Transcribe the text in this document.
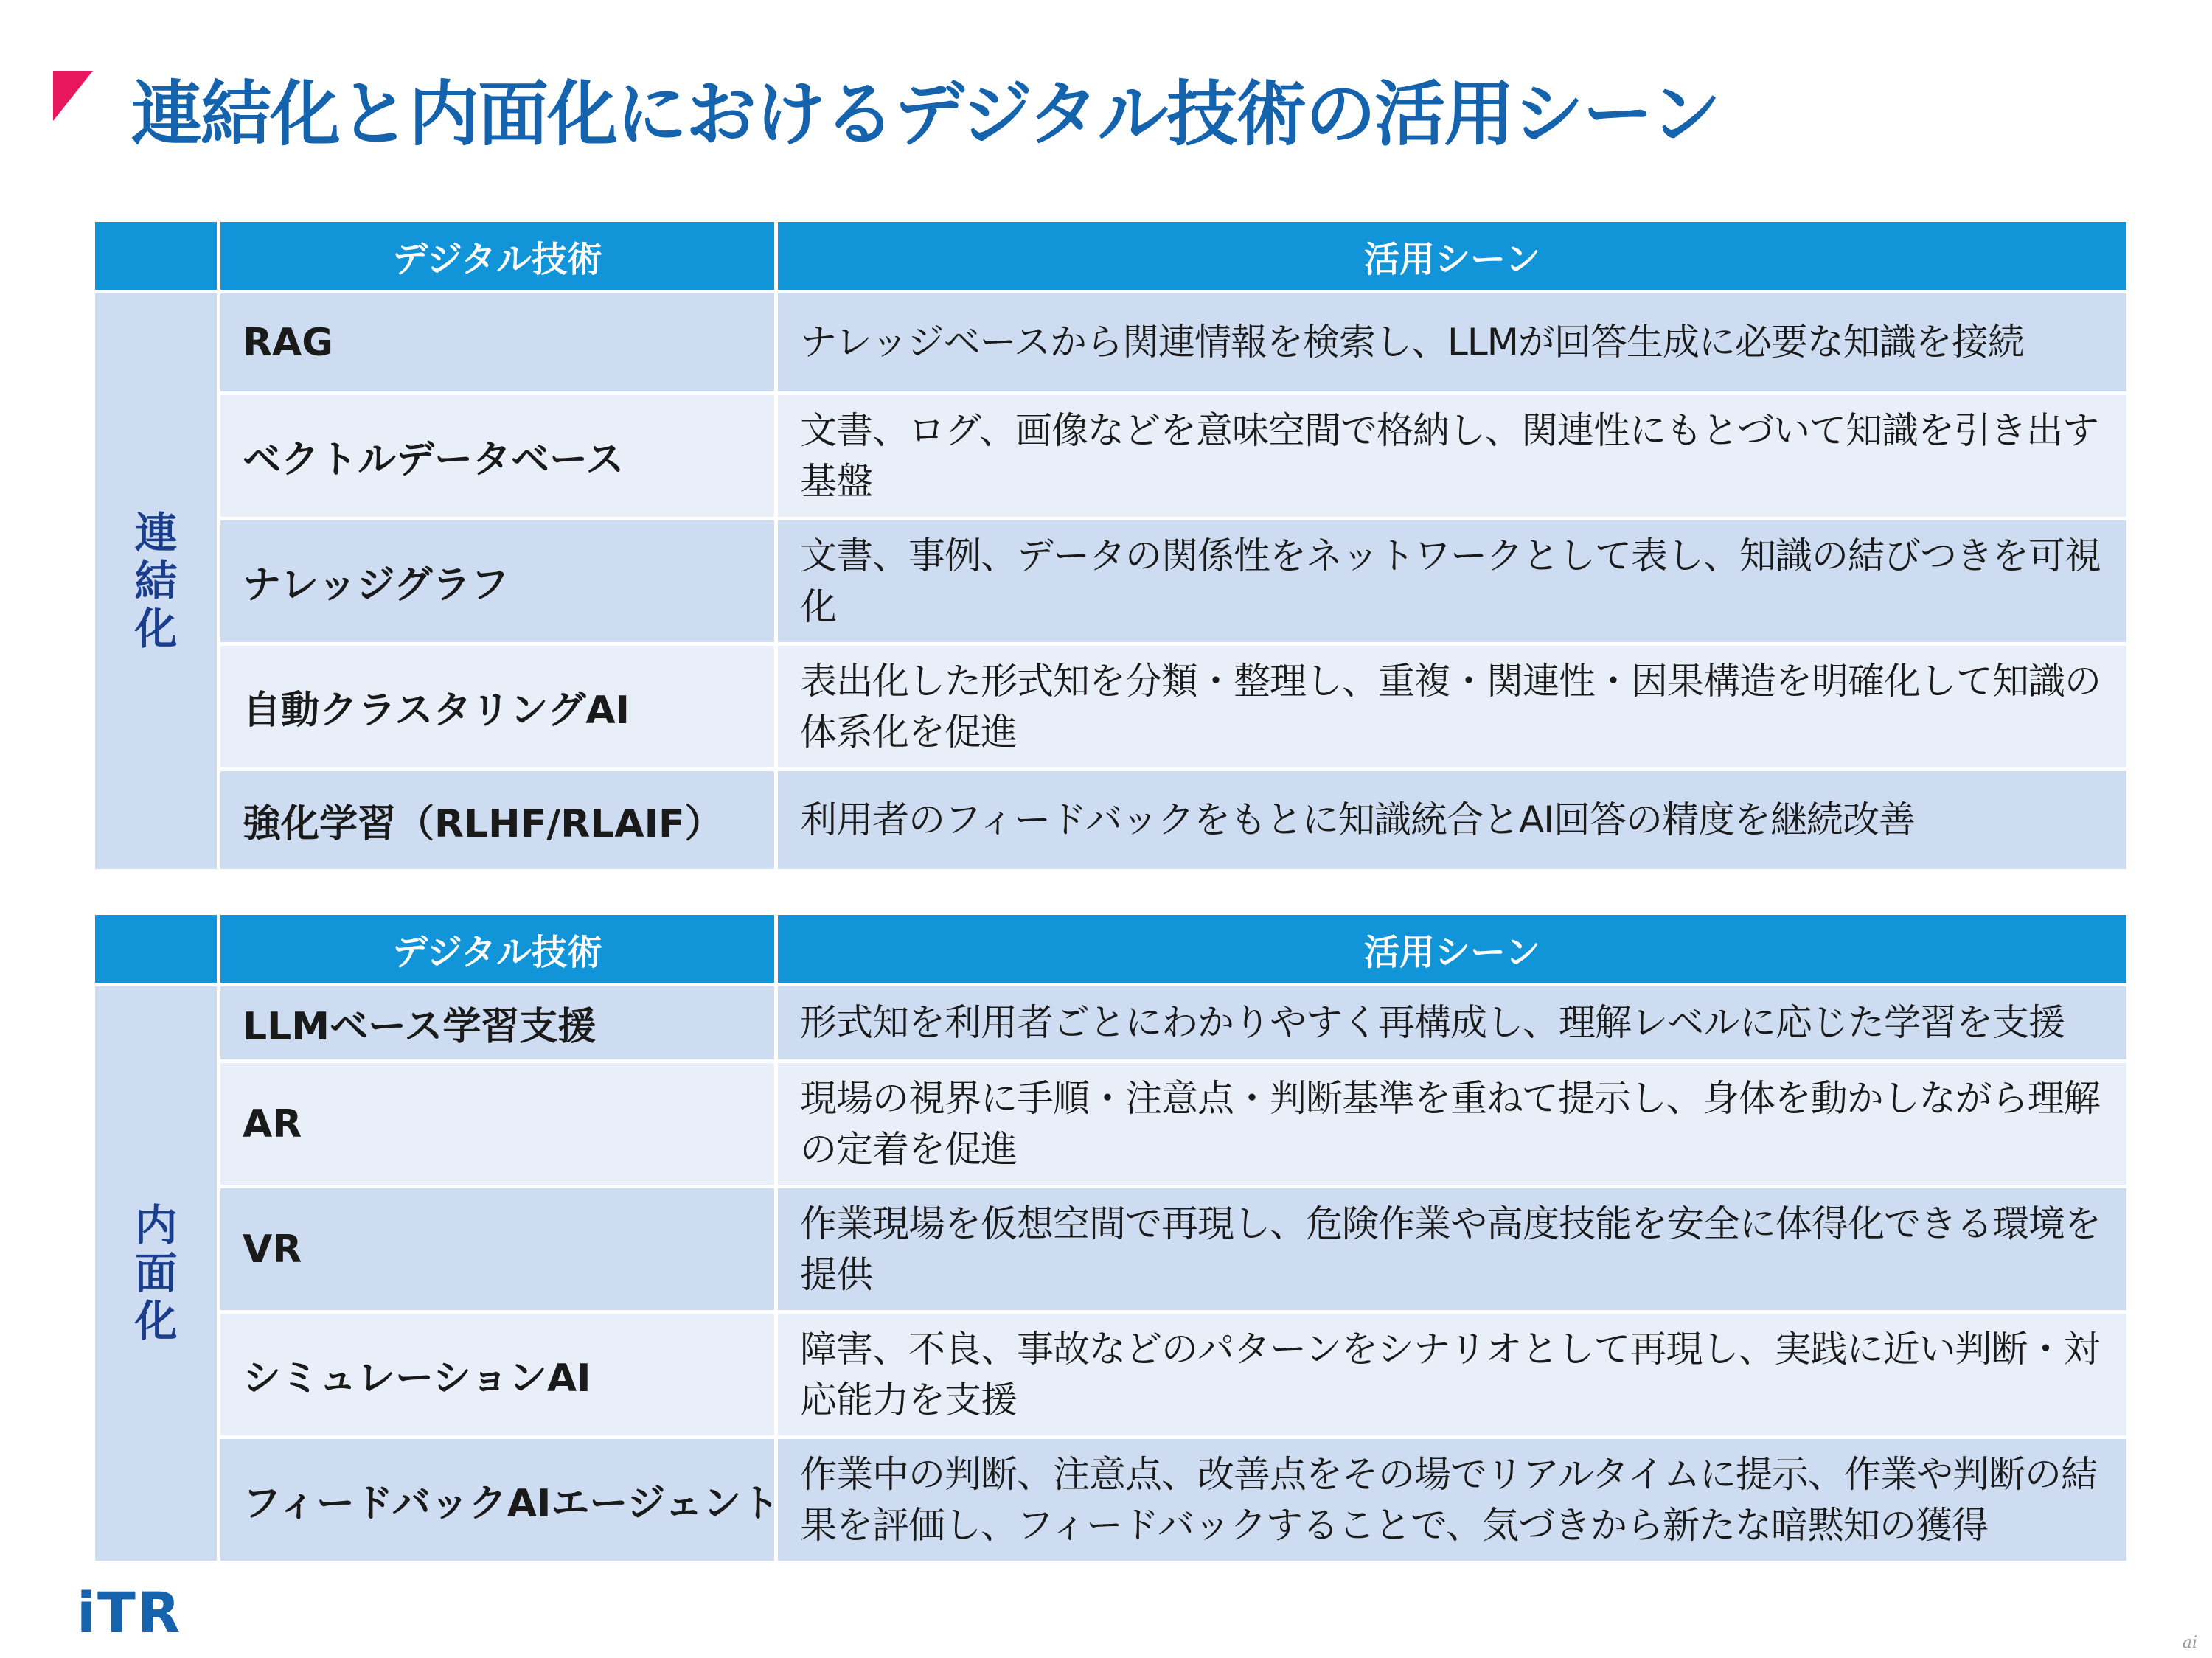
連結化と内面化におけるデジタル技術の活用シーン
	デジタル技術	活用シーン

連
結
化	RAG	ナレッジベースから関連情報を検索し、LLMが回答生成に必要な知識を接続
	ベクトルデータベース	文書、ログ、画像などを意味空間で格納し、関連性にもとづいて知識を引き出す基盤
	ナレッジグラフ	文書、事例、データの関係性をネットワークとして表し、知識の結びつきを可視化
	自動クラスタリングAI	表出化した形式知を分類・整理し、重複・関連性・因果構造を明確化して知識の体系化を促進
	強化学習（RLHF/RLAIF）	利用者のフィードバックをもとに知識統合とAI回答の精度を継続改善
	デジタル技術	活用シーン

内
面
化	LLMベース学習支援	形式知を利用者ごとにわかりやすく再構成し、理解レベルに応じた学習を支援
	AR	現場の視界に手順・注意点・判断基準を重ねて提示し、身体を動かしながら理解の定着を促進
	VR	作業現場を仮想空間で再現し、危険作業や高度技能を安全に体得化できる環境を提供
	シミュレーションAI	障害、不良、事故などのパターンをシナリオとして再現し、実践に近い判断・対応能力を支援
	フィードバックAIエージェント	作業中の判断、注意点、改善点をその場でリアルタイムに提示、作業や判断の結果を評価し、フィードバックすることで、気づきから新たな暗黙知の獲得
iTR	ai
